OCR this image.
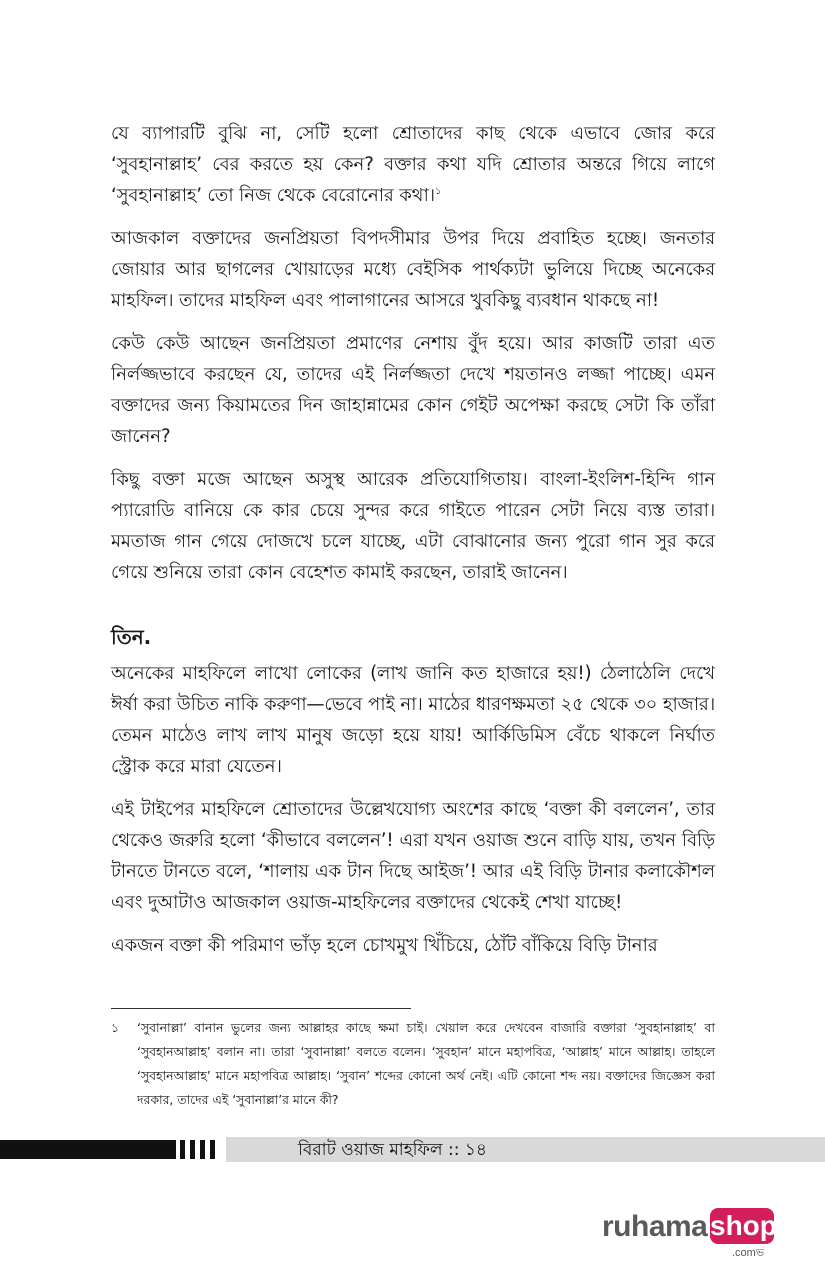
যে ব্যাপারটি বুঝি না, সেটি হলো শ্রোতাদের কাছ থেকে এভাবে জোর করে ‘সুবহানাল্লাহ’ বের করতে হয় কেন? বক্তার কথা যদি শ্রোতার অন্তরে গিয়ে লাগে ‘সুবহানাল্লাহ’ তো নিজ থেকে বেরোনোর কথা।$^১$

আজকাল বক্তাদের জনপ্রিয়তা বিপদসীমার উপর দিয়ে প্রবাহিত হচ্ছে। জনতার জোয়ার আর ছাগলের খোয়াড়ের মধ্যে বেইসিক পার্থক্যটা ভুলিয়ে দিচ্ছে অনেকের মাহফিল। তাদের মাহফিল এবং পালাগানের আসরে খুবকিছু ব্যবধান থাকছে না!

কেউ কেউ আছেন জনপ্রিয়তা প্রমাণের নেশায় বুঁদ হয়ে। আর কাজটি তারা এত নির্লজ্জভাবে করছেন যে, তাদের এই নির্লজ্জতা দেখে শয়তানও লজ্জা পাচ্ছে। এমন বক্তাদের জন্য কিয়ামতের দিন জাহান্নামের কোন গেইট অপেক্ষা করছে সেটা কি তাঁরা জানেন?

কিছু বক্তা মজে আছেন অসুস্থ আরেক প্রতিযোগিতায়। বাংলা-ইংলিশ-হিন্দি গান প্যারোডি বানিয়ে কে কার চেয়ে সুন্দর করে গাইতে পারেন সেটা নিয়ে ব্যস্ত তারা। মমতাজ গান গেয়ে দোজখে চলে যাচ্ছে, এটা বোঝানোর জন্য পুরো গান সুর করে গেয়ে শুনিয়ে তারা কোন বেহেশত কামাই করছেন, তারাই জানেন।

তিন.

অনেকের মাহফিলে লাখো লোকের (লাখ জানি কত হাজারে হয়!) ঠেলাঠেলি দেখে ঈর্ষা করা উচিত নাকি করুণা—ভেবে পাই না। মাঠের ধারণক্ষমতা ২৫ থেকে ৩০ হাজার। তেমন মাঠেও লাখ লাখ মানুষ জড়ো হয়ে যায়! আর্কিডিমিস বেঁচে থাকলে নির্ঘাত স্ট্রোক করে মারা যেতেন।

এই টাইপের মাহফিলে শ্রোতাদের উল্লেখযোগ্য অংশের কাছে ‘বক্তা কী বললেন’, তার থেকেও জরুরি হলো ‘কীভাবে বললেন’! এরা যখন ওয়াজ শুনে বাড়ি যায়, তখন বিড়ি টানতে টানতে বলে, ‘শালায় এক টান দিছে আইজ’! আর এই বিড়ি টানার কলাকৌশল এবং দুআটাও আজকাল ওয়াজ-মাহফিলের বক্তাদের থেকেই শেখা যাচ্ছে!

একজন বক্তা কী পরিমাণ ভাঁড় হলে চোখমুখ খিঁচিয়ে, ঠোঁট বাঁকিয়ে বিড়ি টানার

১	‘সুবানাল্লা’ বানান ভুলের জন্য আল্লাহর কাছে ক্ষমা চাই। খেয়াল করে দেখবেন বাজারি বক্তারা ‘সুবহানাল্লাহ’ বা ‘সুবহানআল্লাহ’ বলান না। তারা ‘সুবানাল্লা’ বলতে বলেন। ‘সুবহান’ মানে মহাপবিত্র, ‘আল্লাহ’ মানে আল্লাহ। তাহলে ‘সুবহানআল্লাহ’ মানে মহাপবিত্র আল্লাহ। ‘সুবান’ শব্দের কোনো অর্থ নেই। এটি কোনো শব্দ নয়। বক্তাদের জিজ্ঞেস করা দরকার, তাদের এই ‘সুবানাল্লা’র মানে কী?
বিরাট ওয়াজ মাহফিল :: ১৪
ruhama shop
.comভ
